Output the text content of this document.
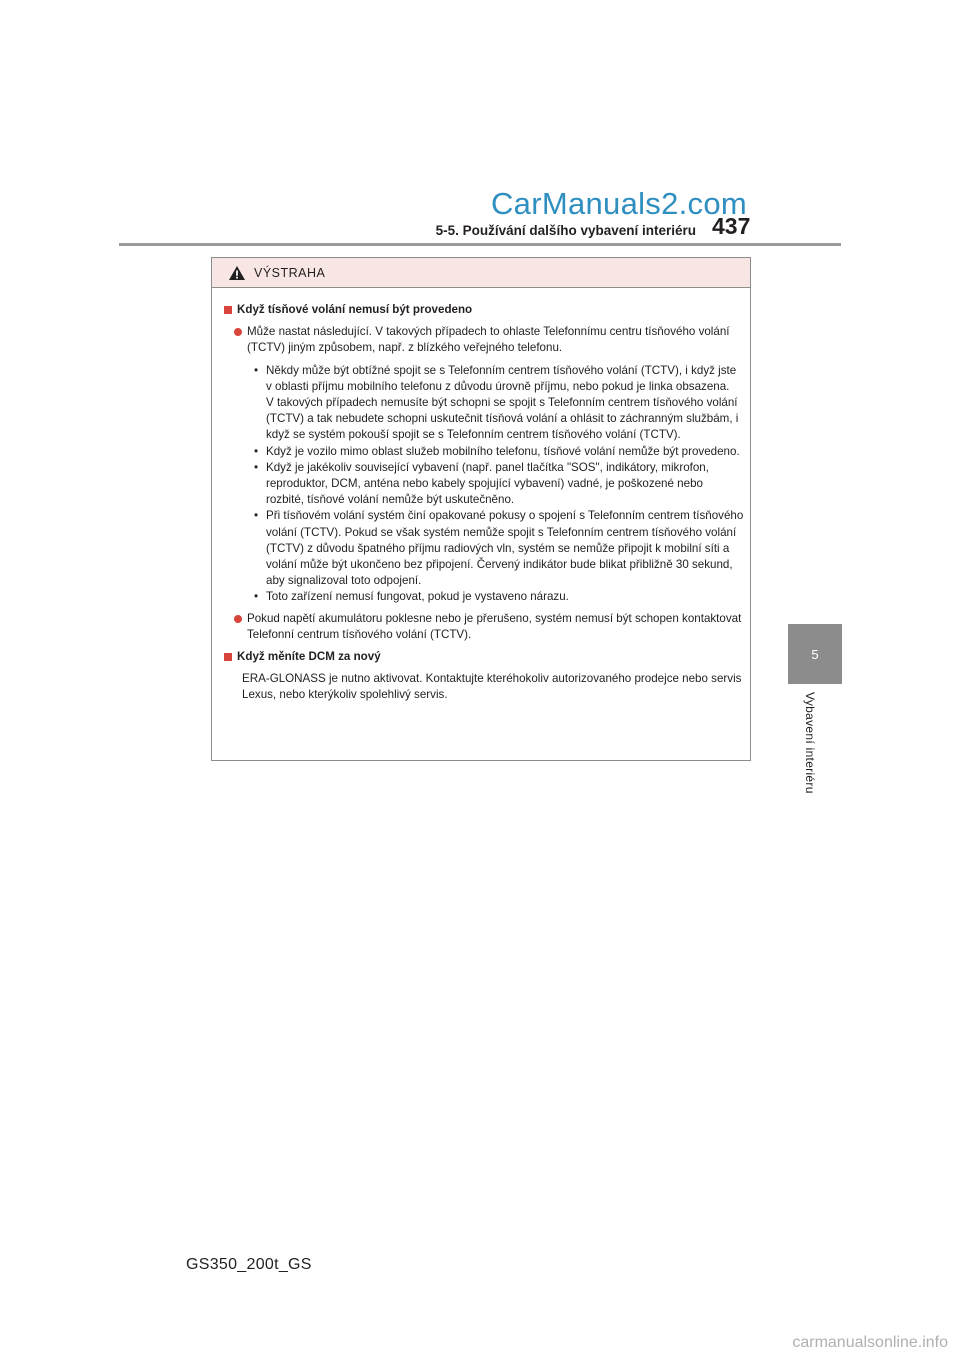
CarManuals2.com
437
5-5. Používání dalšího vybavení interiéru
5
Vybavení interiéru
VÝSTRAHA
Když tísňové volání nemusí být provedeno
Může nastat následující. V takových případech to ohlaste Telefonnímu centru tísňového volání (TCTV) jiným způsobem, např. z blízkého veřejného telefonu.
• Někdy může být obtížné spojit se s Telefonním centrem tísňového volání (TCTV), i když jste v oblasti příjmu mobilního telefonu z důvodu úrovně příjmu, nebo pokud je linka obsazena.
V takových případech nemusíte být schopni se spojit s Telefonním centrem tísňového volání (TCTV) a tak nebudete schopni uskutečnit tísňová volání a ohlásit to záchranným službám, i když se systém pokouší spojit se s Telefonním centrem tísňového volání (TCTV).
• Když je vozilo mimo oblast služeb mobilního telefonu, tísňové volání nemůže být provedeno.
• Když je jakékoliv související vybavení (např. panel tlačítka "SOS", indikátory, mikrofon, reproduktor, DCM, anténa nebo kabely spojující vybavení) vadné, je poškozené nebo rozbité, tísňové volání nemůže být uskutečněno.
• Při tísňovém volání systém činí opakované pokusy o spojení s Telefonním centrem tísňového volání (TCTV). Pokud se však systém nemůže spojit s Telefonním centrem tísňového volání (TCTV) z důvodu špatného příjmu radiových vln, systém se nemůže připojit k mobilní síti a volání může být ukončeno bez připojení. Červený indikátor bude blikat přibližně 30 sekund, aby signalizoval toto odpojení.
• Toto zařízení nemusí fungovat, pokud je vystaveno nárazu.
Pokud napětí akumulátoru poklesne nebo je přerušeno, systém nemusí být schopen kontaktovat Telefonní centrum tísňového volání (TCTV).
Když měníte DCM za nový
ERA-GLONASS je nutno aktivovat. Kontaktujte kteréhokoliv autorizovaného prodejce nebo servis Lexus, nebo kterýkoliv spolehlivý servis.
GS350_200t_GS
carmanualsonline.info
